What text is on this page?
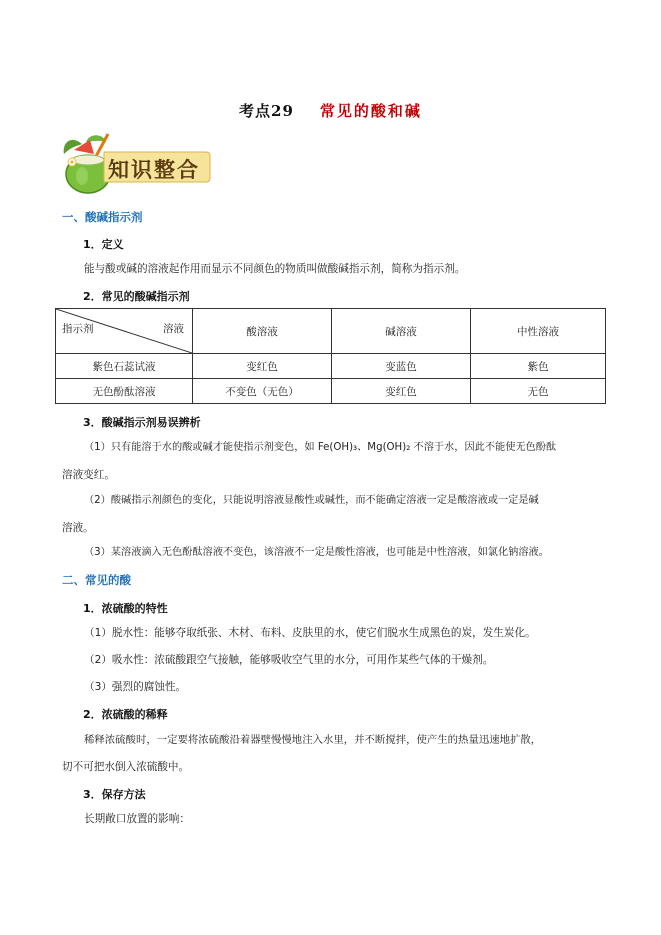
考点29 常见的酸和碱
知识整合
一、酸碱指示剂
1．定义
能与酸或碱的溶液起作用而显示不同颜色的物质叫做酸碱指示剂，简称为指示剂。
2．常见的酸碱指示剂
指示剂 溶液	酸溶液	碱溶液	中性溶液
紫色石蕊试液	变红色	变蓝色	紫色
无色酚酞溶液	不变色（无色）	变红色	无色
3．酸碱指示剂易误辨析
（1）只有能溶于水的酸或碱才能使指示剂变色，如 Fe(OH)₃、Mg(OH)₂ 不溶于水，因此不能使无色酚酞
溶液变红。
（2）酸碱指示剂颜色的变化，只能说明溶液显酸性或碱性，而不能确定溶液一定是酸溶液或一定是碱
溶液。
（3）某溶液滴入无色酚酞溶液不变色，该溶液不一定是酸性溶液，也可能是中性溶液，如氯化钠溶液。
二、常见的酸
1．浓硫酸的特性
（1）脱水性：能够夺取纸张、木材、布料、皮肤里的水，使它们脱水生成黑色的炭，发生炭化。
（2）吸水性：浓硫酸跟空气接触，能够吸收空气里的水分，可用作某些气体的干燥剂。
（3）强烈的腐蚀性。
2．浓硫酸的稀释
稀释浓硫酸时，一定要将浓硫酸沿着器壁慢慢地注入水里，并不断搅拌，使产生的热量迅速地扩散，
切不可把水倒入浓硫酸中。
3．保存方法
长期敞口放置的影响：
